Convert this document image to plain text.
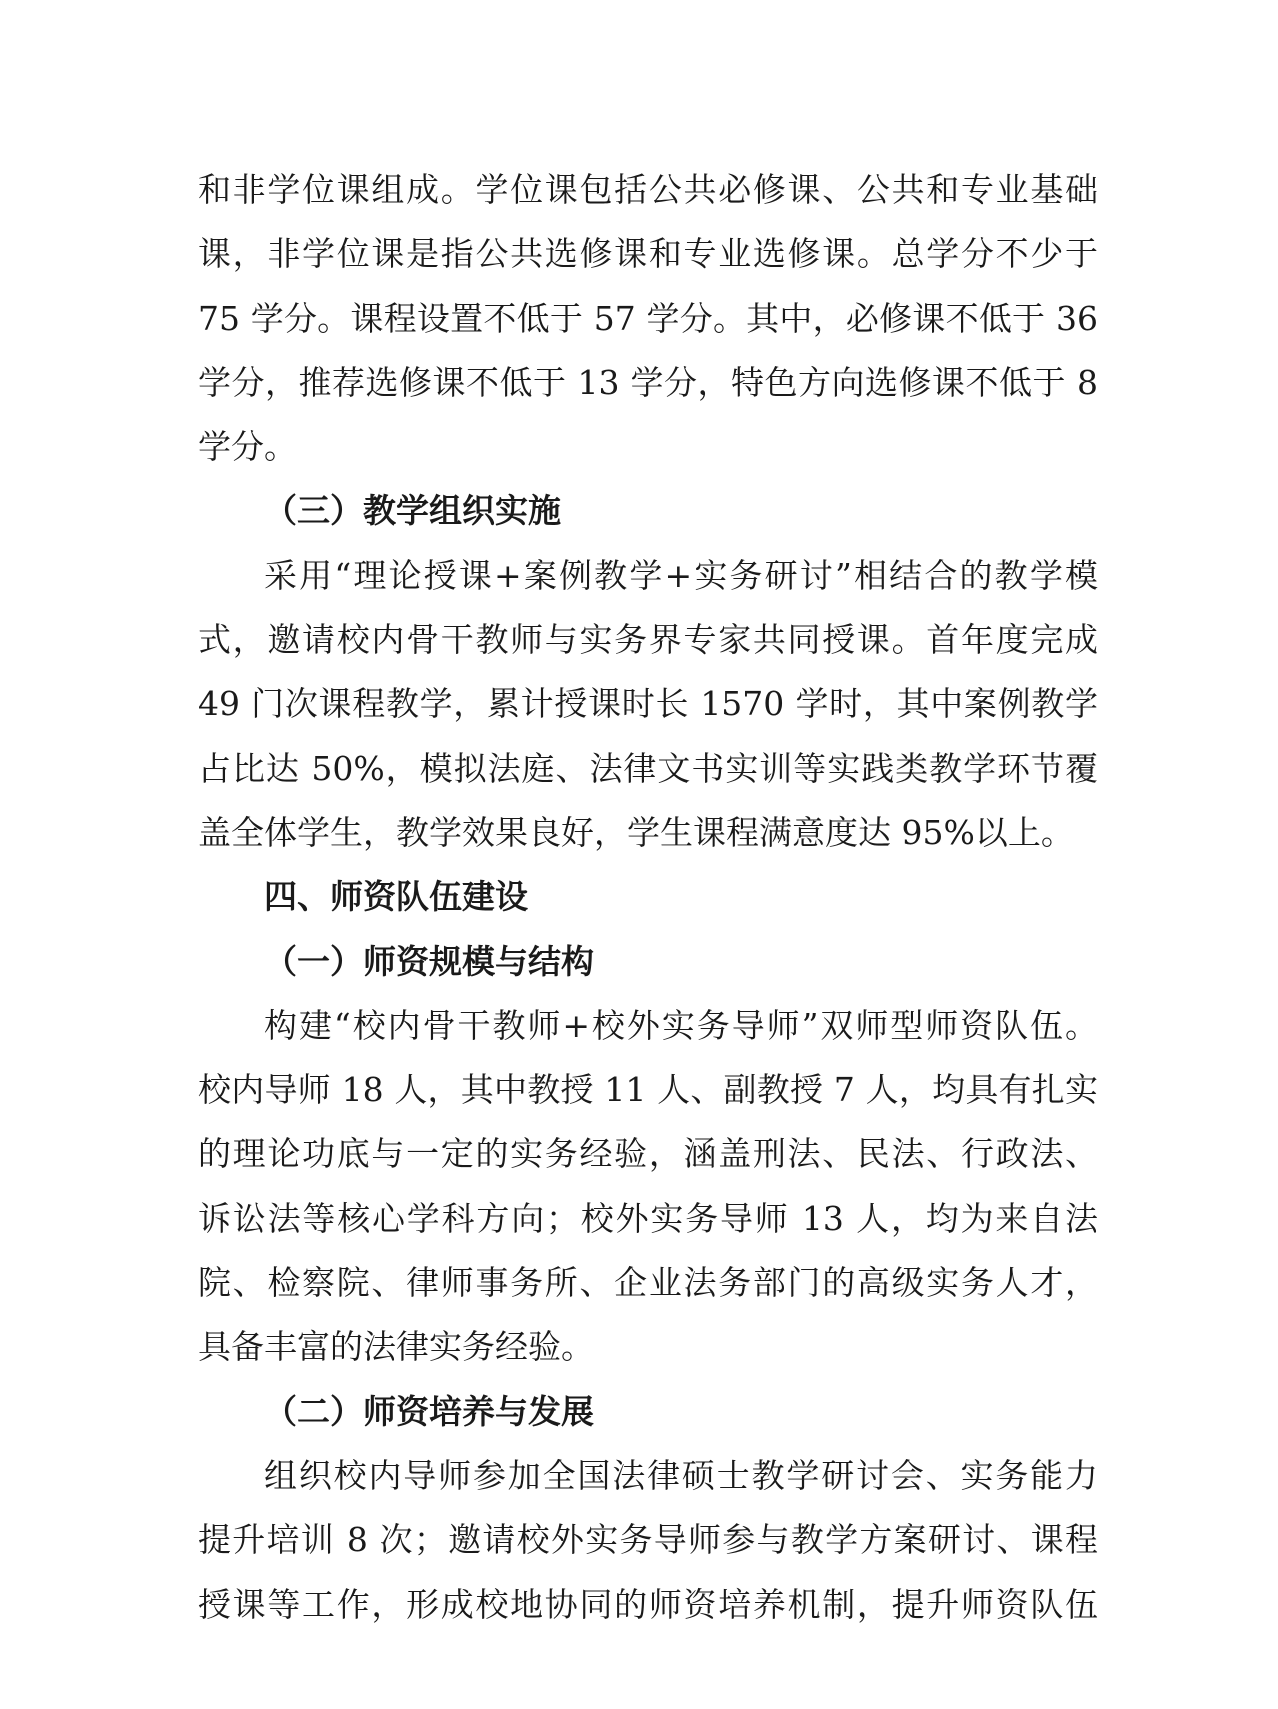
和非学位课组成。学位课包括公共必修课、公共和专业基础
课，非学位课是指公共选修课和专业选修课。总学分不少于
75 学分。课程设置不低于 57 学分。其中，必修课不低于 36
学分，推荐选修课不低于 13 学分，特色方向选修课不低于 8
学分。
（三）教学组织实施
采用“理论授课+案例教学+实务研讨”相结合的教学模
式，邀请校内骨干教师与实务界专家共同授课。首年度完成
49 门次课程教学，累计授课时长 1570 学时，其中案例教学
占比达 50%，模拟法庭、法律文书实训等实践类教学环节覆
盖全体学生，教学效果良好，学生课程满意度达 95%以上。
四、师资队伍建设
（一）师资规模与结构
构建“校内骨干教师+校外实务导师”双师型师资队伍。
校内导师 18 人，其中教授 11 人、副教授 7 人，均具有扎实
的理论功底与一定的实务经验，涵盖刑法、民法、行政法、
诉讼法等核心学科方向；校外实务导师 13 人，均为来自法
院、检察院、律师事务所、企业法务部门的高级实务人才，
具备丰富的法律实务经验。
（二）师资培养与发展
组织校内导师参加全国法律硕士教学研讨会、实务能力
提升培训 8 次；邀请校外实务导师参与教学方案研讨、课程
授课等工作，形成校地协同的师资培养机制，提升师资队伍
